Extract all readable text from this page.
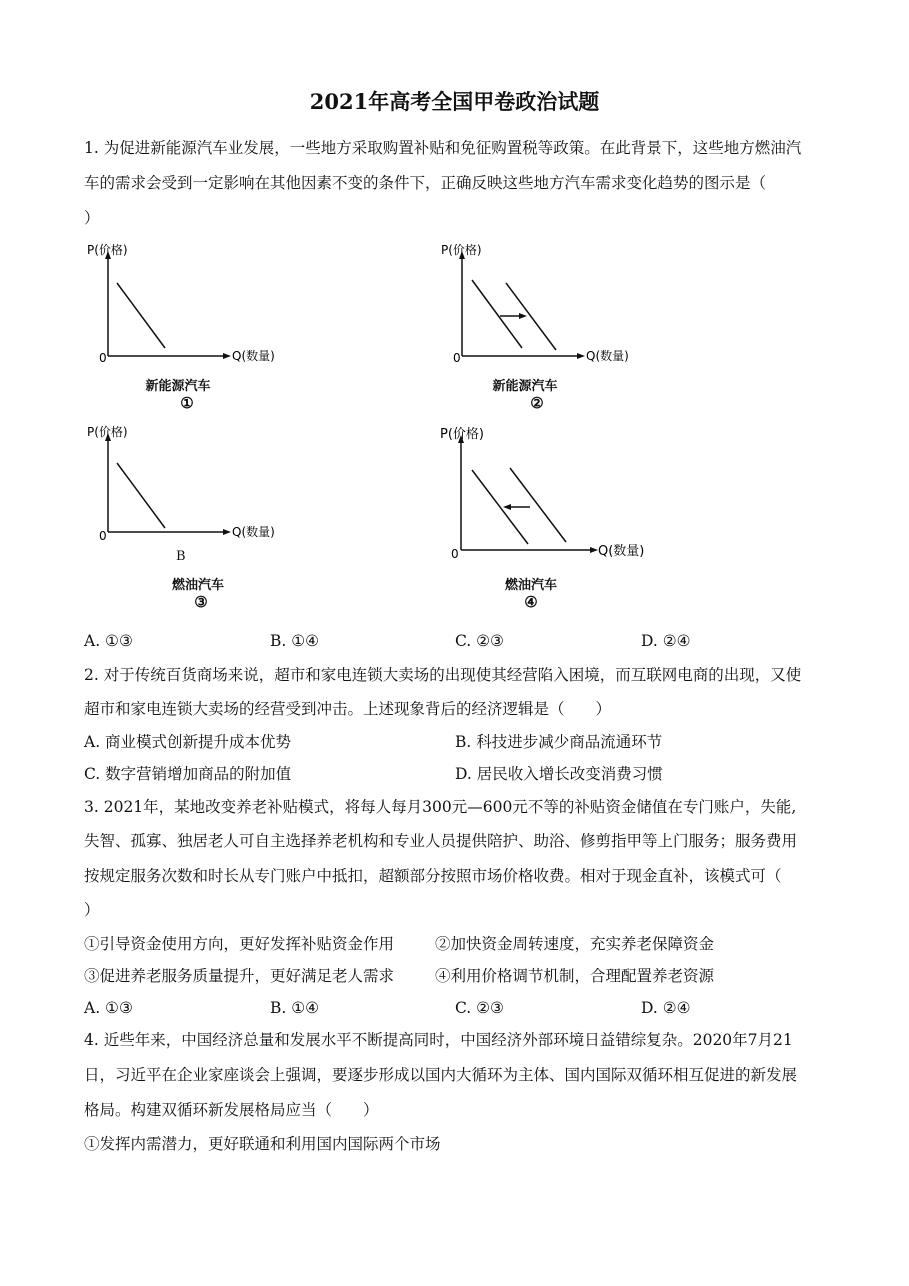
2021年高考全国甲卷政治试题
1. 为促进新能源汽车业发展，一些地方采取购置补贴和免征购置税等政策。在此背景下，这些地方燃油汽
车的需求会受到一定影响在其他因素不变的条件下，正确反映这些地方汽车需求变化趋势的图示是（
）
P(价格)
Q(数量)
0
新能源汽车
①
P(价格)
Q(数量)
0
新能源汽车
②
P(价格)
Q(数量)
0
B
燃油汽车
③
P(价格)
Q(数量)
0
燃油汽车
④
A. ①③	B. ①④	C. ②③	D. ②④
2. 对于传统百货商场来说，超市和家电连锁大卖场的出现使其经营陷入困境，而互联网电商的出现，又使
超市和家电连锁大卖场的经营受到冲击。上述现象背后的经济逻辑是（　　）
A. 商业模式创新提升成本优势	B. 科技进步减少商品流通环节
C. 数字营销增加商品的附加值	D. 居民收入增长改变消费习惯
3. 2021年，某地改变养老补贴模式，将每人每月300元—600元不等的补贴资金储值在专门账户，失能,
失智、孤寡、独居老人可自主选择养老机构和专业人员提供陪护、助浴、修剪指甲等上门服务；服务费用
按规定服务次数和时长从专门账户中抵扣，超额部分按照市场价格收费。相对于现金直补，该模式可（
）
①引导资金使用方向，更好发挥补贴资金作用	②加快资金周转速度，充实养老保障资金
③促进养老服务质量提升，更好满足老人需求	④利用价格调节机制，合理配置养老资源
A. ①③	B. ①④	C. ②③	D. ②④
4. 近些年来，中国经济总量和发展水平不断提高同时，中国经济外部环境日益错综复杂。2020年7月21
日，习近平在企业家座谈会上强调，要逐步形成以国内大循环为主体、国内国际双循环相互促进的新发展
格局。构建双循环新发展格局应当（　　）
①发挥内需潜力，更好联通和利用国内国际两个市场
